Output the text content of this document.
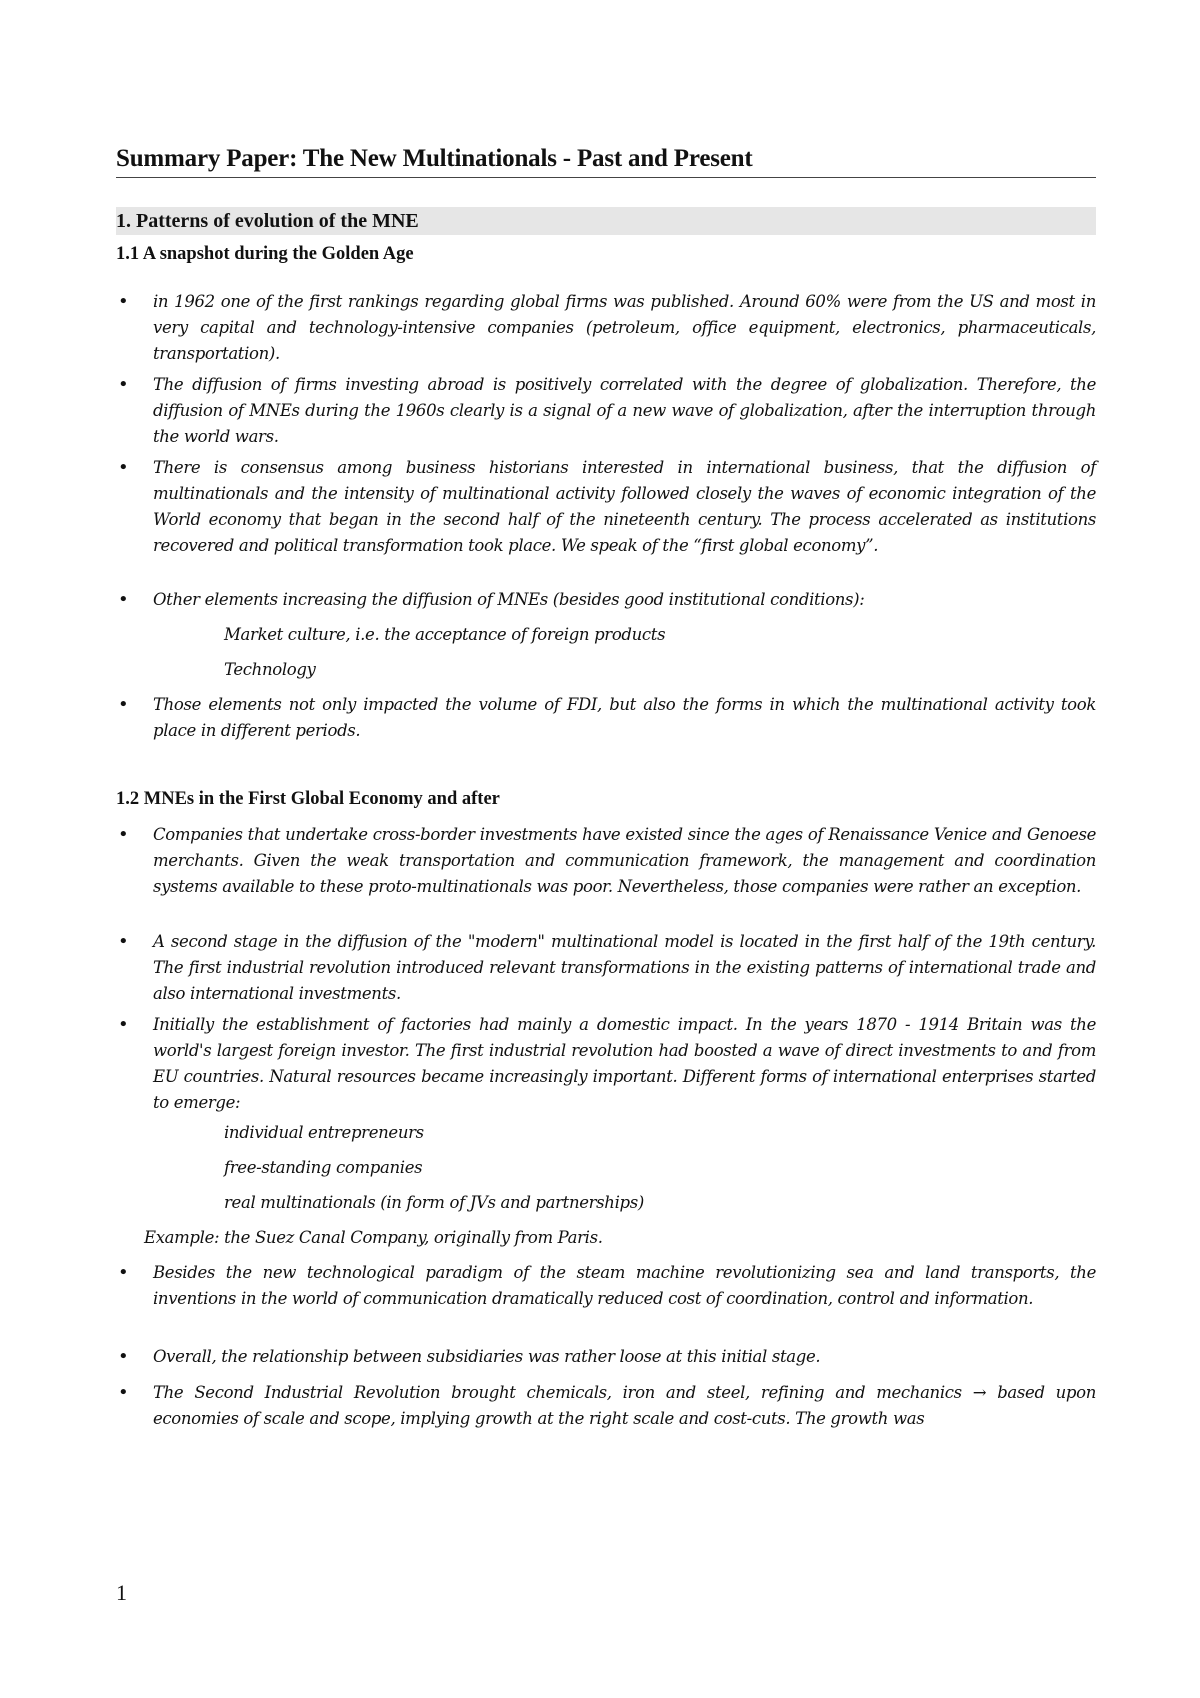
Summary Paper: The New Multinationals - Past and Present
1. Patterns of evolution of the MNE
1.1 A snapshot during the Golden Age
• in 1962 one of the first rankings regarding global firms was published. Around 60% were from the US and most in very capital and technology-intensive companies (petroleum, office equipment, electronics, pharmaceuticals, transportation).
• The diffusion of firms investing abroad is positively correlated with the degree of globalization. Therefore, the diffusion of MNEs during the 1960s clearly is a signal of a new wave of globalization, after the interruption through the world wars.
• There is consensus among business historians interested in international business, that the diffusion of multinationals and the intensity of multinational activity followed closely the waves of economic integration of the World economy that began in the second half of the nineteenth century. The process accelerated as institutions recovered and political transformation took place. We speak of the “first global economy”.
• Other elements increasing the diffusion of MNEs (besides good institutional conditions):
Market culture, i.e. the acceptance of foreign products
Technology
• Those elements not only impacted the volume of FDI, but also the forms in which the multinational activity took place in different periods.
1.2 MNEs in the First Global Economy and after
• Companies that undertake cross-border investments have existed since the ages of Renaissance Venice and Genoese merchants. Given the weak transportation and communication framework, the management and coordination systems available to these proto-multinationals was poor. Nevertheless, those companies were rather an exception.
• A second stage in the diffusion of the "modern" multinational model is located in the first half of the 19th century. The first industrial revolution introduced relevant transformations in the existing patterns of international trade and also international investments.
• Initially the establishment of factories had mainly a domestic impact. In the years 1870 - 1914 Britain was the world's largest foreign investor. The first industrial revolution had boosted a wave of direct investments to and from EU countries. Natural resources became increasingly important. Different forms of international enterprises started to emerge:
individual entrepreneurs
free-standing companies
real multinationals (in form of JVs and partnerships)
Example: the Suez Canal Company, originally from Paris.
• Besides the new technological paradigm of the steam machine revolutionizing sea and land transports, the inventions in the world of communication dramatically reduced cost of coordination, control and information.
• Overall, the relationship between subsidiaries was rather loose at this initial stage.
• The Second Industrial Revolution brought chemicals, iron and steel, refining and mechanics → based upon economies of scale and scope, implying growth at the right scale and cost-cuts. The growth was
1
